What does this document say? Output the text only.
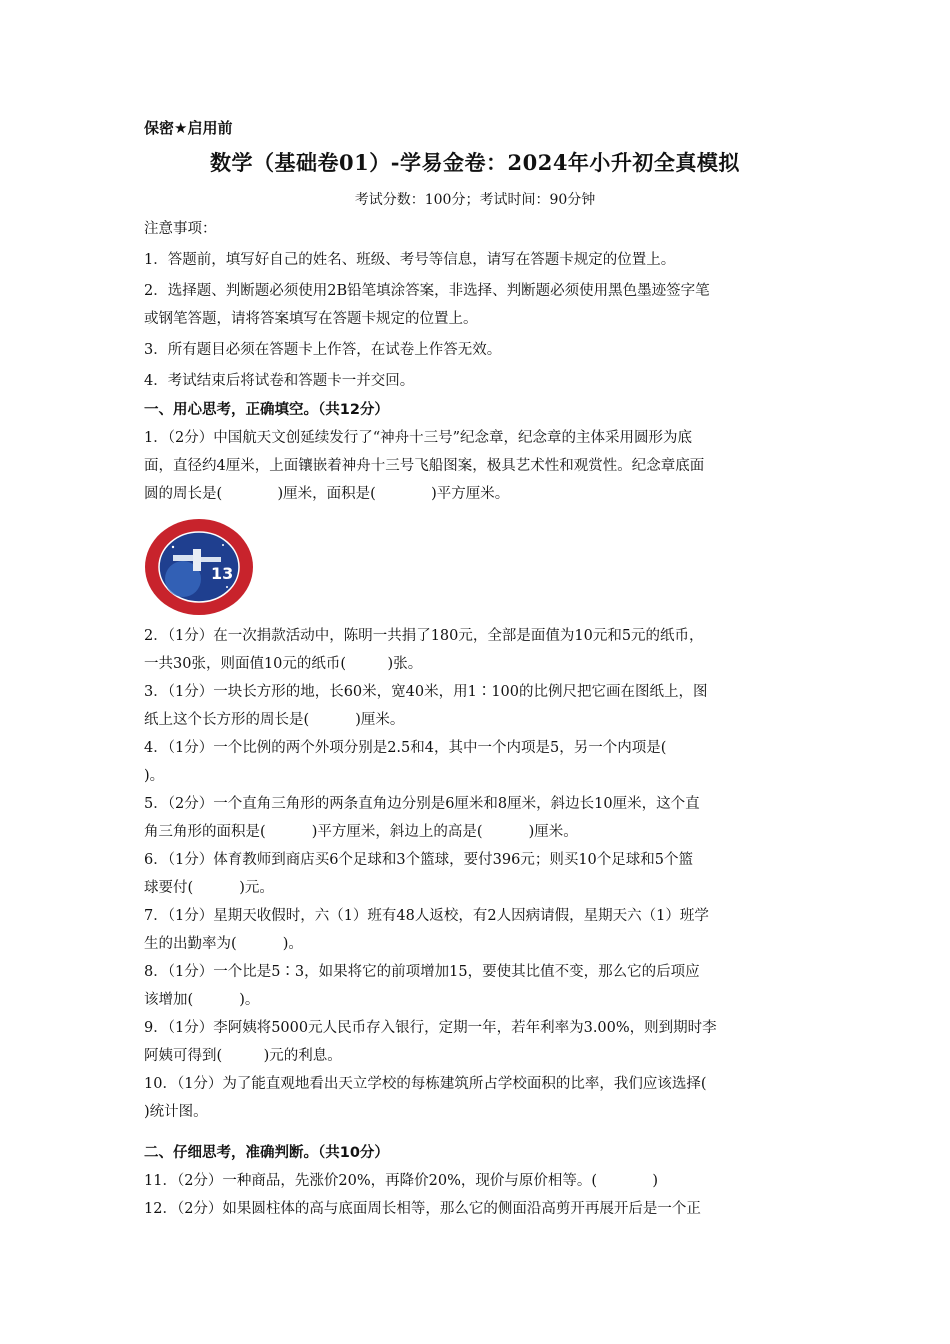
保密★启用前
数学（基础卷01）-学易金卷：2024年小升初全真模拟
考试分数：100分；考试时间：90分钟
注意事项：
1．答题前，填写好自己的姓名、班级、考号等信息，请写在答题卡规定的位置上。
2．选择题、判断题必须使用2B铅笔填涂答案，非选择、判断题必须使用黑色墨迹签字笔
或钢笔答题，请将答案填写在答题卡规定的位置上。
3．所有题目必须在答题卡上作答，在试卷上作答无效。
4．考试结束后将试卷和答题卡一并交回。
一、用心思考，正确填空。（共12分）
1．（2分）中国航天文创延续发行了“神舟十三号”纪念章，纪念章的主体采用圆形为底
面，直径约4厘米，上面镶嵌着神舟十三号飞船图案，极具艺术性和观赏性。纪念章底面
圆的周长是(            )厘米，面积是(            )平方厘米。
13
2．（1分）在一次捐款活动中，陈明一共捐了180元，全部是面值为10元和5元的纸币，
一共30张，则面值10元的纸币(         )张。
3．（1分）一块长方形的地，长60米，宽40米，用1∶100的比例尺把它画在图纸上，图
纸上这个长方形的周长是(          )厘米。
4．（1分）一个比例的两个外项分别是2.5和4，其中一个内项是5，另一个内项是(
)。
5．（2分）一个直角三角形的两条直角边分别是6厘米和8厘米，斜边长10厘米，这个直
角三角形的面积是(          )平方厘米，斜边上的高是(          )厘米。
6．（1分）体育教师到商店买6个足球和3个篮球，要付396元；则买10个足球和5个篮
球要付(          )元。
7．（1分）星期天收假时，六（1）班有48人返校，有2人因病请假，星期天六（1）班学
生的出勤率为(          )。
8．（1分）一个比是5∶3，如果将它的前项增加15，要使其比值不变，那么它的后项应
该增加(          )。
9．（1分）李阿姨将5000元人民币存入银行，定期一年，若年利率为3.00%，则到期时李
阿姨可得到(         )元的利息。
10．（1分）为了能直观地看出天立学校的每栋建筑所占学校面积的比率，我们应该选择(
)统计图。
二、仔细思考，准确判断。（共10分）
11．（2分）一种商品，先涨价20%，再降价20%，现价与原价相等。(            )
12．（2分）如果圆柱体的高与底面周长相等，那么它的侧面沿高剪开再展开后是一个正
